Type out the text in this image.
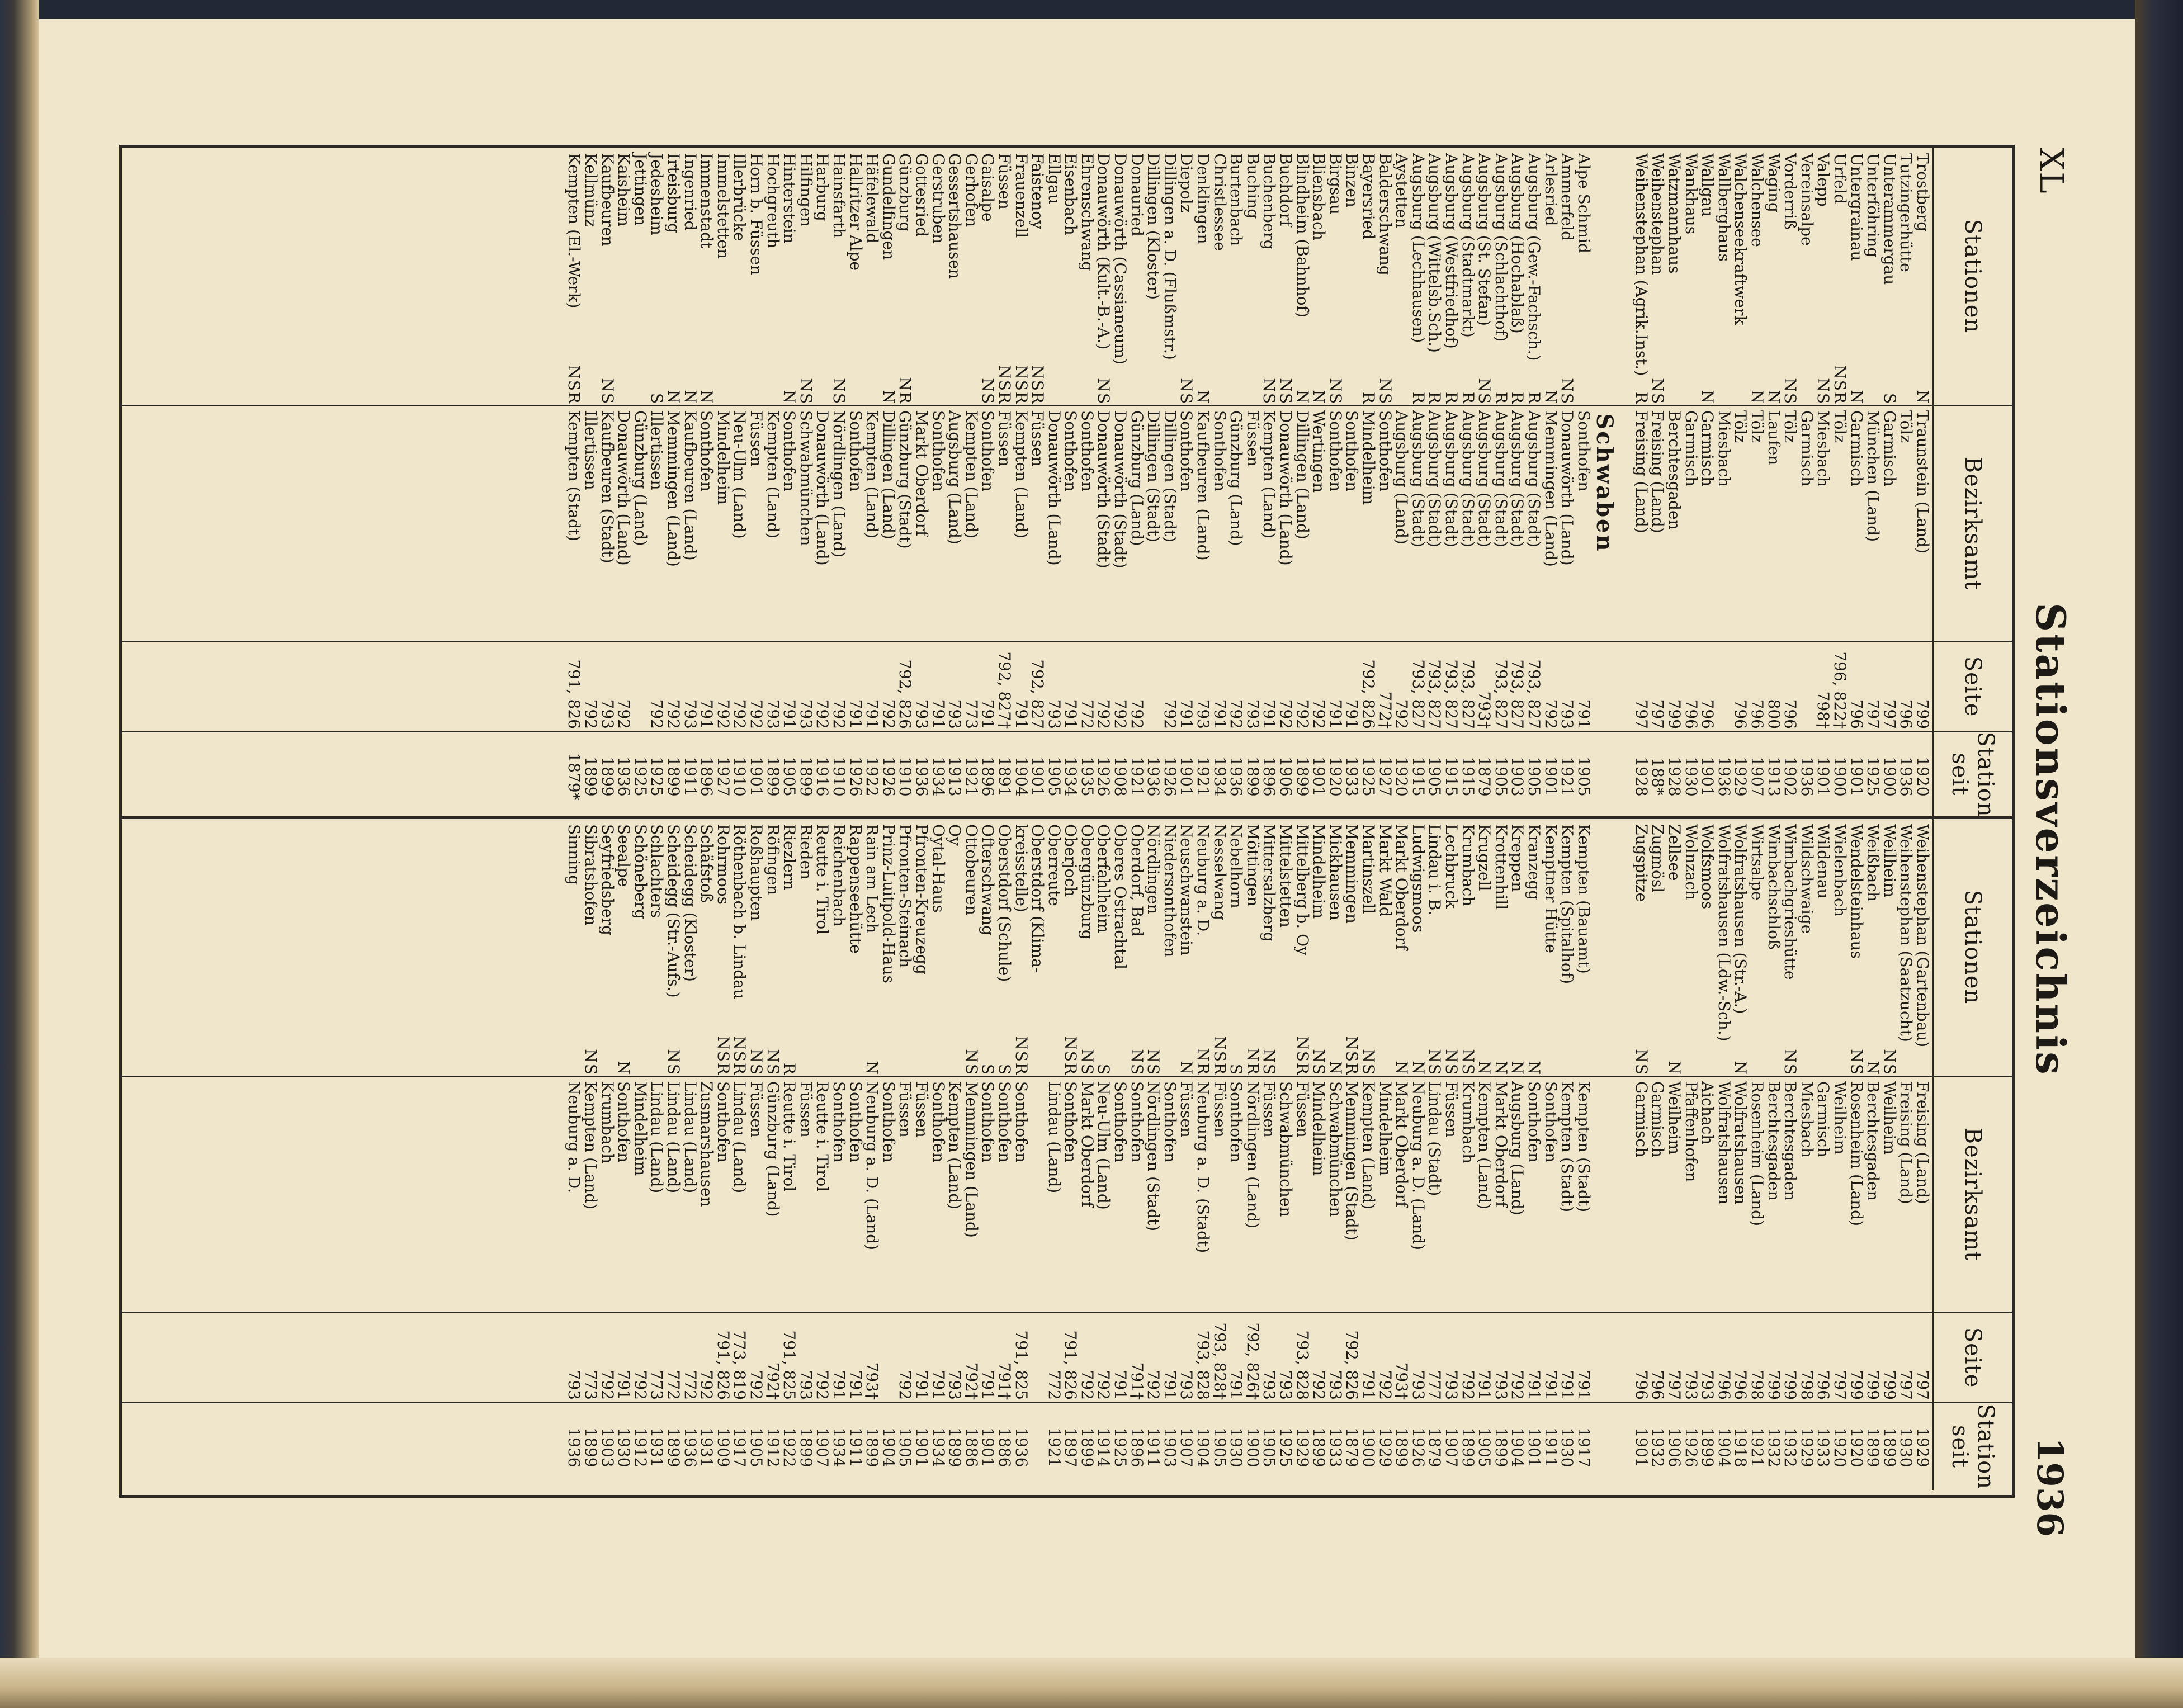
XL
Stationsverzeichnis
1936
Stationen
Bezirksamt
Seite
Station seit
Stationen
Bezirksamt
Seite
Station seit
Trostberg
N
Traunstein (Land)
799
1920
Tutzingerhütte
Tölz
796
1936
Unterammergau
S
Garmisch
797
1900
Unterföhring
München (Land)
797
1925
Untergrainau
N
Garmisch
796
1901
Urfeld
NSR
Tölz
796, 822†
1900
Valepp
NS
Miesbach
798†
1901
Vereinsalpe
Garmisch
1936
Vorderriß
NS
Tölz
796
1902
Waging
N
Laufen
800
1913
Walchensee
N
Tölz
796
1907
Walchenseekraftwerk
Tölz
796
1929
Wallberghaus
Miesbach
1936
Wallgau
N
Garmisch
796
1901
Wankhaus
Garmisch
796
1930
Watzmannhaus
Berchtesgaden
799
1928
Weihenstephan
NS
Freising (Land)
797
188*
Weihenstephan (Agrik.Inst.)
R
Freising (Land)
797
1928
Schwaben
Alpe Schmid
Sonthofen
791
1905
Ammerfeld
NS
Donauwörth (Land)
793
1921
Arlesried
N
Memmingen (Land)
792
1901
Augsburg (Gew.-Fachsch.)
R
Augsburg (Stadt)
793, 827
1905
Augsburg (Hochablaß)
R
Augsburg (Stadt)
793, 827
1903
Augsburg (Schlachthof)
R
Augsburg (Stadt)
793, 827
1905
Augsburg (St. Stefan)
NS
Augsburg (Stadt)
793†
1879
Augsburg (Stadtmarkt)
R
Augsburg (Stadt)
793, 827
1915
Augsburg (Westfriedhof)
R
Augsburg (Stadt)
793, 827
1915
Augsburg (Wittelsb.Sch.)
R
Augsburg (Stadt)
793, 827
1905
Augsburg (Lechhausen)
R
Augsburg (Stadt)
793, 827
1915
Aystetten
Augsburg (Land)
792
1920
Balderschwang
NS
Sonthofen
772†
1927
Bayersried
R
Mindelheim
792, 826
1925
Binzen
Sonthofen
791
1933
Birgsau
NS
Sonthofen
791
1920
Bliensbach
N
Wertingen
792
1901
Blindheim (Bahnhof)
N
Dillingen (Land)
792
1899
Buchdorf
NS
Donauwörth (Land)
792
1906
Buchenberg
NS
Kempten (Land)
791
1896
Buching
Füssen
793
1899
Burtenbach
Günzburg (Land)
792
1936
Christlessee
Sonthofen
791
1934
Denklingen
N
Kaufbeuren (Land)
793
1921
Diepolz
NS
Sonthofen
791
1901
Dillingen a. D. (Flußmstr.)
Dillingen (Stadt)
792
1926
Dillingen (Kloster)
Dillingen (Stadt)
1936
Donauried
Günzburg (Land)
792
1921
Donauwörth (Cassianeum)
Donauwörth (Stadt)
792
1908
Donauwörth (Kult.-B.-A.)
NS
Donauwörth (Stadt)
792
1926
Ehrenschwang
Sonthofen
772
1935
Eisenbach
Sonthofen
791
1934
Ellgau
Donauwörth (Land)
793
1905
Faistenoy
NSR
Füssen
792, 827
1901
Frauenzell
NSR
Kempten (Land)
791
1904
Füssen
NSR
Füssen
792, 827†
1891
Gaisalpe
NS
Sonthofen
791
1896
Gerhofen
Kempten (Land)
773
1921
Gessertshausen
Augsburg (Land)
793
1913
Gerstruben
Sonthofen
791
1934
Gottesried
Markt Oberdorf
793
1936
Günzburg
NR
Günzburg (Stadt)
792, 826
1910
Gundelfingen
N
Dillingen (Land)
792
1926
Häfelewald
Kempten (Land)
791
1922
Hallritzer Alpe
Sonthofen
791
1926
Hainsfarth
NS
Nördlingen (Land)
792
1910
Harburg
Donauwörth (Land)
792
1916
Hilfingen
NS
Schwabmünchen
793
1899
Hinterstein
N
Sonthofen
791
1905
Hochgreuth
Kempten (Land)
793
1899
Horn b. Füssen
Füssen
792
1901
Illerbrücke
Neu-Ulm (Land)
792
1910
Immelstetten
Mindelheim
792
1927
Immenstadt
N
Sonthofen
791
1896
Ingenried
N
Kaufbeuren (Land)
793
1911
Irteisburg
N
Memmingen (Land)
792
1899
Jedesheim
S
Illertissen
792
1925
Jettingen
Günzburg (Land)
1925
Kaisheim
Donauwörth (Land)
792
1936
Kaufbeuren
NS
Kaufbeuren (Stadt)
793
1899
Kellmünz
Illertissen
792
1899
Kempten (El.-Werk)
NSR
Kempten (Stadt)
791, 826
1879*
Weihenstephan (Gartenbau)
Freising (Land)
797
1929
Weihenstephan (Saatzucht)
Freising (Land)
797
1930
Weilheim
NS
Weilheim
799
1899
Weißbach
N
Berchtesgaden
799
1899
Wendelsteinhaus
NS
Rosenheim (Land)
799
1920
Wielenbach
Weilheim
797
1920
Wildenau
Garmisch
796
1933
Wildschwaige
Miesbach
798
1929
Wimbachgrieshütte
NS
Berchtesgaden
799
1932
Wimbachschloß
Berchtesgaden
799
1932
Wirtsalpe
Rosenheim (Land)
798
1921
Wolfratshausen (Str.-A.)
N
Wolfratshausen
796
1918
Wolfratshausen (Ldw.-Sch.)
Wolfratshausen
796
1904
Wolfsmoos
Aichach
793
1899
Wolnzach
Pfaffenhofen
793
1926
Zellsee
N
Weilheim
797
1906
Zugmösl
Garmisch
796
1932
Zugspitze
NS
Garmisch
796
1901
Kempten (Bauamt)
Kempten (Stadt)
791
1917
Kempten (Spitalhof)
Kempten (Stadt)
791
1930
Kemptner Hütte
Sonthofen
791
1911
Kranzegg
N
Sonthofen
791
1901
Kreppen
N
Augsburg (Land)
792
1904
Krottenhill
N
Markt Oberdorf
793
1899
Krugzell
N
Kempten (Land)
791
1905
Krumbach
NS
Krumbach
792
1899
Lechbruck
NS
Füssen
793
1907
Lindau i. B.
NS
Lindau (Stadt)
777
1879
Ludwigsmoos
N
Neuburg a. D. (Land)
793
1926
Markt Oberdorf
N
Markt Oberdorf
793†
1899
Markt Wald
Mindelheim
792
1929
Martinszell
NS
Kempten (Land)
791
1900
Memmingen
NSR
Memmingen (Stadt)
792, 826
1879
Mickhausen
N
Schwabmünchen
793
1933
Mindelheim
NS
Mindelheim
792
1899
Mittelberg b. Oy
NSR
Füssen
793, 828
1929
Mittelstetten
Schwabmünchen
793
1925
Mittersalzberg
NS
Füssen
793
1905
Möttingen
NR
Nördlingen (Land)
792, 826†
1900
Nebelhorn
S
Sonthofen
791
1930
Nesselwang
NSR
Füssen
793, 828†
1905
Neuburg a. D.
NR
Neuburg a. D. (Stadt)
793, 828
1904
Neuschwanstein
N
Füssen
793
1907
Niedersonthofen
Sonthofen
791
1903
Nördlingen
NS
Nördlingen (Stadt)
792
1911
Oberdorf, Bad
NS
Sonthofen
791†
1896
Oberes Ostrachtal
Sonthofen
791
1925
Oberfahlheim
S
Neu-Ulm (Land)
792
1914
Obergünzburg
NS
Markt Oberdorf
792
1899
Oberjoch
NSR
Sonthofen
791, 826
1897
Oberreute
Lindau (Land)
772
1921
Oberstdorf (Klima-
kreisstelle)
NSR
Sonthofen
791, 825
1936
Oberstdorf (Schule)
S
Sonthofen
791†
1886
Ofterschwang
S
Sonthofen
791
1901
Ottobeuren
NS
Memmingen (Land)
792†
1886
Oy
Kempten (Land)
793
1899
Oytal-Haus
Sonthofen
791
1934
Pfronten-Kreuzegg
Füssen
791
1901
Pfronten-Steinach
Füssen
792
1905
Prinz-Luitpold-Haus
Sonthofen
1904
Rain am Lech
N
Neuburg a. D. (Land)
793†
1899
Rappenseehütte
Sonthofen
791
1911
Reichenbach
Sonthofen
791
1934
Reutte i. Tirol
Reutte i. Tirol
792
1907
Rieden
Füssen
793
1899
Riezlern
R
Reutte i. Tirol
791, 825
1922
Röfingen
NS
Günzburg (Land)
792†
1912
Roßhaupten
NS
Füssen
792
1905
Röthenbach b. Lindau
NSR
Lindau (Land)
773, 819
1917
Rohrmoos
NSR
Sonthofen
791, 826
1909
Schäfstoß
Zusmarshausen
792
1931
Scheidegg (Kloster)
Lindau (Land)
772
1936
Scheidegg (Str.-Aufs.)
NS
Lindau (Land)
772
1899
Schlachters
Lindau (Land)
773
1931
Schöneberg
Mindelheim
792
1912
Seealpe
N
Sonthofen
791
1930
Seyfriedsberg
Krumbach
792
1903
Sibratshofen
NS
Kempten (Land)
773
1899
Sinning
Neuburg a. D.
793
1936
